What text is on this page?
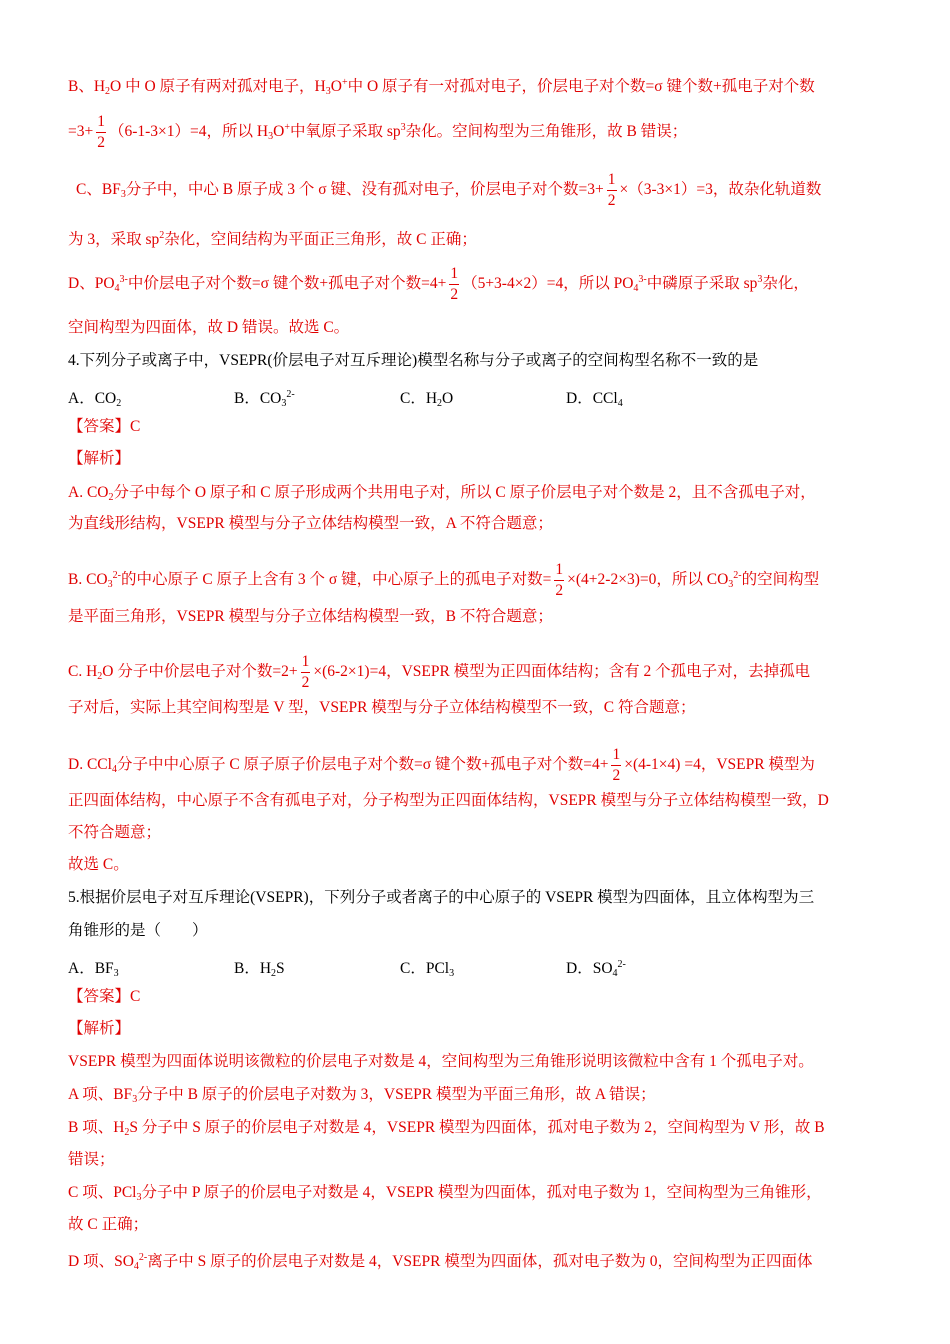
B、$H_2O$ 中 O 原子有两对孤对电子，$H_3O^+$中 O 原子有一对孤对电子，价层电子对个数=σ 键个数+孤电子对个数
$=3+ \frac{1}{2} (6-1-3\times 1)=4$，所以 $H_3O^+$中氧原子采取 $sp^3$杂化。空间构型为三角锥形，故 B 错误；
C、$BF_3$分子中，中心 B 原子成 3 个 σ 键、没有孤对电子，价层电子对个数$=3+ \frac{1}{2} \times(3-3\times 1)=3$，故杂化轨道数
为 3，采取 $sp^2$杂化，空间结构为平面正三角形，故 C 正确；
D、$PO_4^{3-}$中价层电子对个数=σ 键个数+孤电子对个数$=4+ \frac{1}{2} (5+3-4\times 2)=4$，所以 $PO_4^{3-}$中磷原子采取 $sp^3$杂化，
空间构型为四面体，故 D 错误。故选 C。
4.下列分子或离子中，VSEPR(价层电子对互斥理论)模型名称与分子或离子的空间构型名称不一致的是
A．$CO_2$	B．$CO_3^{2-}$	C．$H_2O$	D．CCl$_4$
【答案】C
【解析】
A. $CO_2$分子中每个 O 原子和 C 原子形成两个共用电子对，所以 C 原子价层电子对个数是 2，且不含孤电子对，
为直线形结构，VSEPR 模型与分子立体结构模型一致，A 不符合题意；
B. $CO_3^{2-}$的中心原子 C 原子上含有 3 个 σ 键，中心原子上的孤电子对数= $\frac{1}{2} \times(4+2-2\times 3)=0$，所以 $CO_3^{2-}$的空间构型
是平面三角形，VSEPR 模型与分子立体结构模型一致，B 不符合题意；
C. $H_2O$ 分子中价层电子对个数$=2+ \frac{1}{2} \times(6-2\times 1)=4$，VSEPR 模型为正四面体结构；含有 2 个孤电子对，去掉孤电
子对后，实际上其空间构型是 V 型，VSEPR 模型与分子立体结构模型不一致，C 符合题意；
D. CCl$_4$分子中中心原子 C 原子原子价层电子对个数=σ 键个数+孤电子对个数$=4+ \frac{1}{2} \times(4-1\times 4) =4$，VSEPR 模型为
正四面体结构，中心原子不含有孤电子对，分子构型为正四面体结构，VSEPR 模型与分子立体结构模型一致，D
不符合题意；
故选 C。
5.根据价层电子对互斥理论(VSEPR)，下列分子或者离子的中心原子的 VSEPR 模型为四面体，且立体构型为三
角锥形的是（　　）
A．$BF_3$	B．$H_2S$	C．PCl$_3$	D．$SO_4^{2-}$
【答案】C
【解析】
VSEPR 模型为四面体说明该微粒的价层电子对数是 4，空间构型为三角锥形说明该微粒中含有 1 个孤电子对。
A 项、$BF_3$分子中 B 原子的价层电子对数为 3，VSEPR 模型为平面三角形，故 A 错误；
B 项、$H_2S$ 分子中 S 原子的价层电子对数是 4，VSEPR 模型为四面体，孤对电子数为 2，空间构型为 V 形，故 B
错误；
C 项、PCl$_3$分子中 P 原子的价层电子对数是 4，VSEPR 模型为四面体，孤对电子数为 1，空间构型为三角锥形，
故 C 正确；
D 项、$SO_4^{2-}$离子中 S 原子的价层电子对数是 4，VSEPR 模型为四面体，孤对电子数为 0，空间构型为正四面体
